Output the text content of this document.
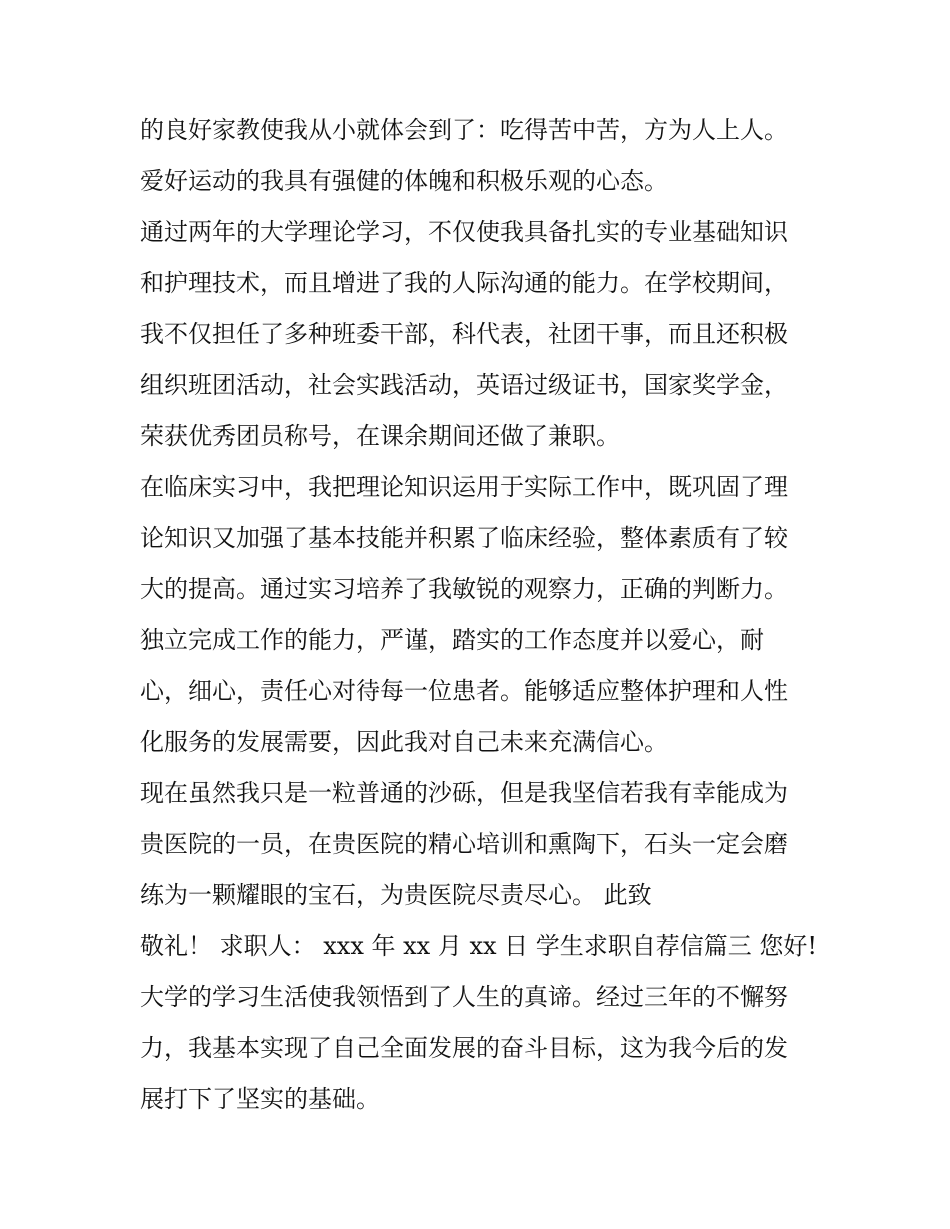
的良好家教使我从小就体会到了：吃得苦中苦，方为人上人。
爱好运动的我具有强健的体魄和积极乐观的心态。
通过两年的大学理论学习，不仅使我具备扎实的专业基础知识
和护理技术，而且增进了我的人际沟通的能力。在学校期间，
我不仅担任了多种班委干部，科代表，社团干事，而且还积极
组织班团活动，社会实践活动，英语过级证书，国家奖学金，
荣获优秀团员称号，在课余期间还做了兼职。
在临床实习中，我把理论知识运用于实际工作中，既巩固了理
论知识又加强了基本技能并积累了临床经验，整体素质有了较
大的提高。通过实习培养了我敏锐的观察力，正确的判断力。
独立完成工作的能力，严谨，踏实的工作态度并以爱心，耐
心，细心，责任心对待每一位患者。能够适应整体护理和人性
化服务的发展需要，因此我对自己未来充满信心。
现在虽然我只是一粒普通的沙砾，但是我坚信若我有幸能成为
贵医院的一员，在贵医院的精心培训和熏陶下，石头一定会磨
练为一颗耀眼的宝石，为贵医院尽责尽心。 此致
敬礼！ 求职人： xxx 年 xx 月 xx 日 学生求职自荐信篇三 您好!
大学的学习生活使我领悟到了人生的真谛。经过三年的不懈努
力，我基本实现了自己全面发展的奋斗目标，这为我今后的发
展打下了坚实的基础。
